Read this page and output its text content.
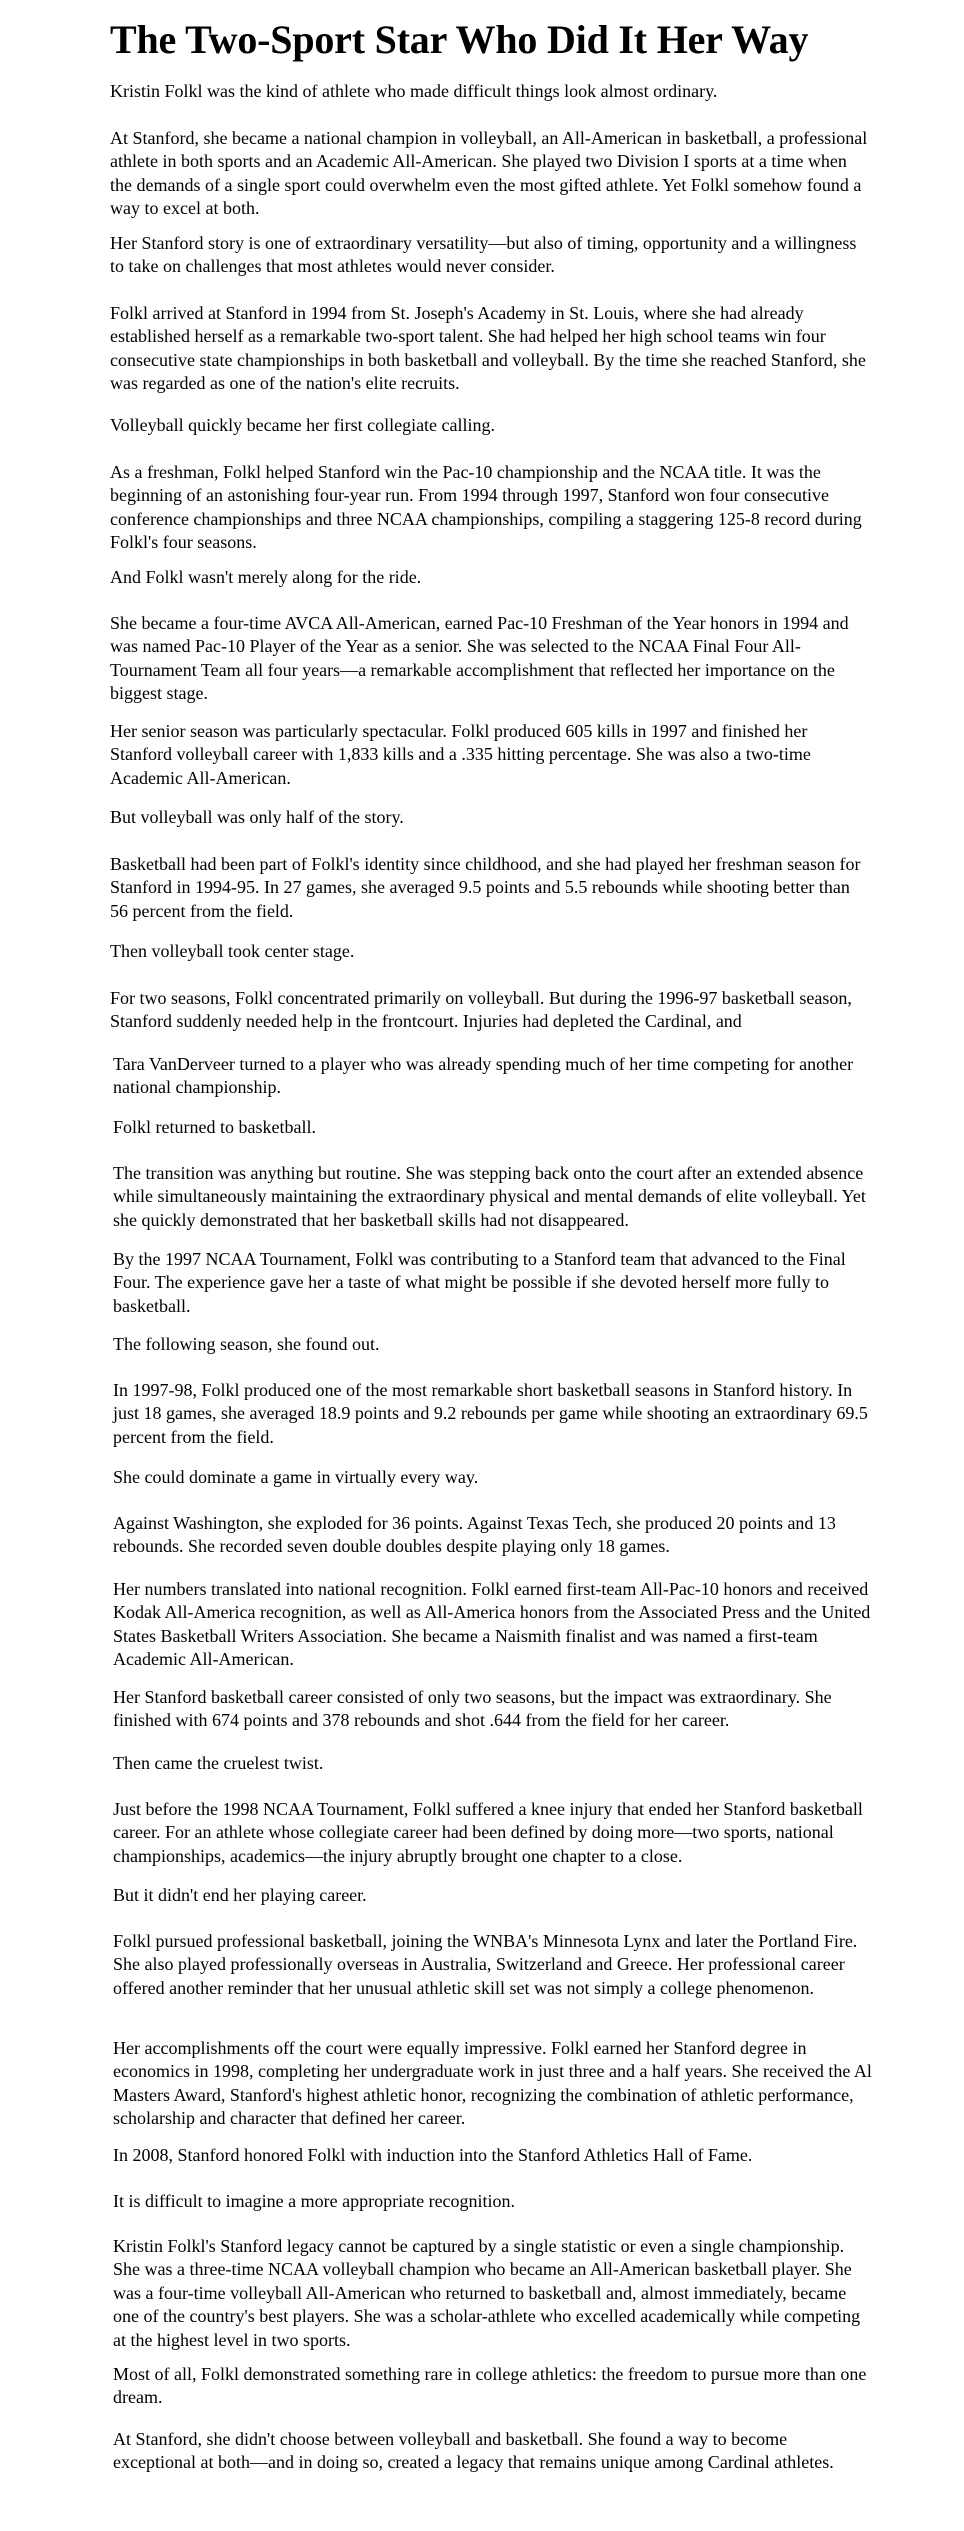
The Two-Sport Star Who Did It Her Way

Kristin Folkl was the kind of athlete who made difficult things look almost ordinary.

At Stanford, she became a national champion in volleyball, an All-American in basketball, a professional athlete in both sports and an Academic All-American. She played two Division I sports at a time when the demands of a single sport could overwhelm even the most gifted athlete. Yet Folkl somehow found a way to excel at both.

Her Stanford story is one of extraordinary versatility—but also of timing, opportunity and a willingness to take on challenges that most athletes would never consider.

Folkl arrived at Stanford in 1994 from St. Joseph's Academy in St. Louis, where she had already established herself as a remarkable two-sport talent. She had helped her high school teams win four consecutive state championships in both basketball and volleyball. By the time she reached Stanford, she was regarded as one of the nation's elite recruits.

Volleyball quickly became her first collegiate calling.

As a freshman, Folkl helped Stanford win the Pac-10 championship and the NCAA title. It was the beginning of an astonishing four-year run. From 1994 through 1997, Stanford won four consecutive conference championships and three NCAA championships, compiling a staggering 125-8 record during Folkl's four seasons.

And Folkl wasn't merely along for the ride.

She became a four-time AVCA All-American, earned Pac-10 Freshman of the Year honors in 1994 and was named Pac-10 Player of the Year as a senior. She was selected to the NCAA Final Four All-Tournament Team all four years—a remarkable accomplishment that reflected her importance on the biggest stage.

Her senior season was particularly spectacular. Folkl produced 605 kills in 1997 and finished her Stanford volleyball career with 1,833 kills and a .335 hitting percentage. She was also a two-time Academic All-American.

But volleyball was only half of the story.

Basketball had been part of Folkl's identity since childhood, and she had played her freshman season for Stanford in 1994-95. In 27 games, she averaged 9.5 points and 5.5 rebounds while shooting better than 56 percent from the field.

Then volleyball took center stage.

For two seasons, Folkl concentrated primarily on volleyball. But during the 1996-97 basketball season, Stanford suddenly needed help in the frontcourt. Injuries had depleted the Cardinal, and

Tara VanDerveer turned to a player who was already spending much of her time competing for another national championship.

Folkl returned to basketball.

The transition was anything but routine. She was stepping back onto the court after an extended absence while simultaneously maintaining the extraordinary physical and mental demands of elite volleyball. Yet she quickly demonstrated that her basketball skills had not disappeared.

By the 1997 NCAA Tournament, Folkl was contributing to a Stanford team that advanced to the Final Four. The experience gave her a taste of what might be possible if she devoted herself more fully to basketball.

The following season, she found out.

In 1997-98, Folkl produced one of the most remarkable short basketball seasons in Stanford history. In just 18 games, she averaged 18.9 points and 9.2 rebounds per game while shooting an extraordinary 69.5 percent from the field.

She could dominate a game in virtually every way.

Against Washington, she exploded for 36 points. Against Texas Tech, she produced 20 points and 13 rebounds. She recorded seven double doubles despite playing only 18 games.

Her numbers translated into national recognition. Folkl earned first-team All-Pac-10 honors and received Kodak All-America recognition, as well as All-America honors from the Associated Press and the United States Basketball Writers Association. She became a Naismith finalist and was named a first-team Academic All-American.

Her Stanford basketball career consisted of only two seasons, but the impact was extraordinary. She finished with 674 points and 378 rebounds and shot .644 from the field for her career.

Then came the cruelest twist.

Just before the 1998 NCAA Tournament, Folkl suffered a knee injury that ended her Stanford basketball career. For an athlete whose collegiate career had been defined by doing more—two sports, national championships, academics—the injury abruptly brought one chapter to a close.

But it didn't end her playing career.

Folkl pursued professional basketball, joining the WNBA's Minnesota Lynx and later the Portland Fire. She also played professionally overseas in Australia, Switzerland and Greece. Her professional career offered another reminder that her unusual athletic skill set was not simply a college phenomenon.

Her accomplishments off the court were equally impressive. Folkl earned her Stanford degree in economics in 1998, completing her undergraduate work in just three and a half years. She received the Al Masters Award, Stanford's highest athletic honor, recognizing the combination of athletic performance, scholarship and character that defined her career.

In 2008, Stanford honored Folkl with induction into the Stanford Athletics Hall of Fame.

It is difficult to imagine a more appropriate recognition.

Kristin Folkl's Stanford legacy cannot be captured by a single statistic or even a single championship. She was a three-time NCAA volleyball champion who became an All-American basketball player. She was a four-time volleyball All-American who returned to basketball and, almost immediately, became one of the country's best players. She was a scholar-athlete who excelled academically while competing at the highest level in two sports.

Most of all, Folkl demonstrated something rare in college athletics: the freedom to pursue more than one dream.

At Stanford, she didn't choose between volleyball and basketball. She found a way to become exceptional at both—and in doing so, created a legacy that remains unique among Cardinal athletes.
